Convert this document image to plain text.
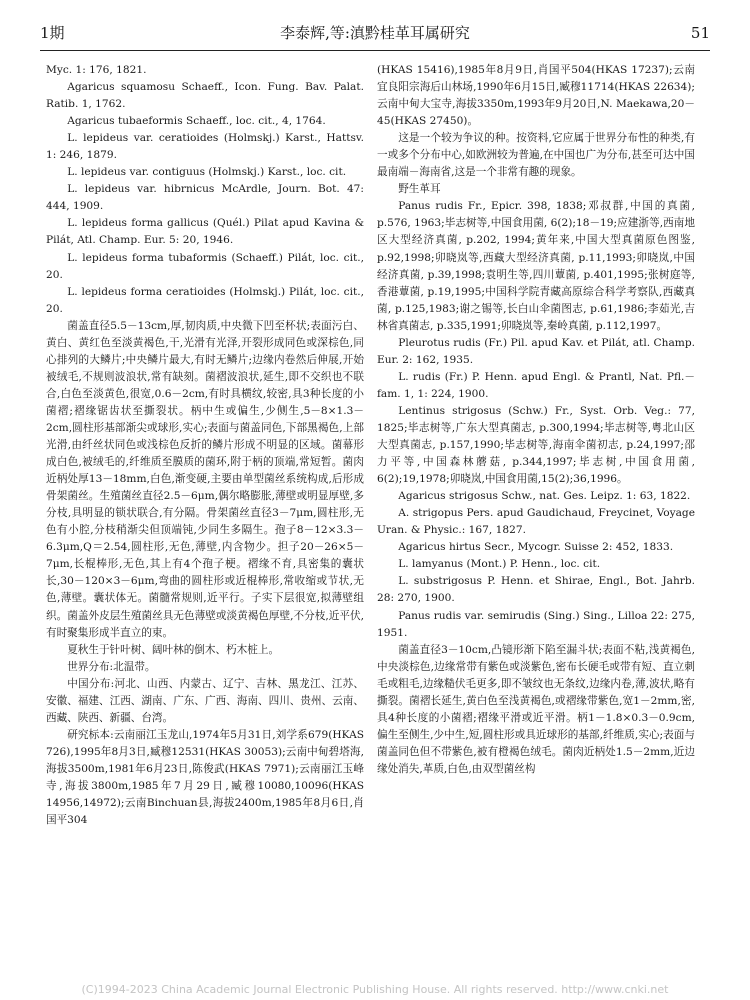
1期	李泰辉,等:滇黔桂革耳属研究	51

Myc. 1: 176, 1821.

Agaricus squamosu Schaeff., Icon. Fung. Bav. Palat. Ratib. 1, 1762.

Agaricus tubaeformis Schaeff., loc. cit., 4, 1764.

L. lepideus var. ceratioides (Holmskj.) Karst., Hattsv. 1: 246, 1879.

L. lepideus var. contiguus (Holmskj.) Karst., loc. cit.

L. lepideus var. hibrnicus McArdle, Journ. Bot. 47: 444, 1909.

L. lepideus forma gallicus (Quél.) Pilat apud Kavina & Pilát, Atl. Champ. Eur. 5: 20, 1946.

L. lepideus forma tubaformis (Schaeff.) Pilát, loc. cit., 20.

L. lepideus forma ceratioides (Holmskj.) Pilát, loc. cit., 20.

菌盖直径5.5－13cm,厚,韧肉质,中央微下凹至杯状;表面污白、黄白、黄红色至淡黄褐色,干,光滑有光泽,开裂形成同色或深棕色,同心排列的大鳞片;中央鳞片最大,有时无鳞片;边缘内卷然后伸展,开始被绒毛,不规则波浪状,常有缺刻。菌褶波浪状,延生,即不交织也不联合,白色至淡黄色,很宽,0.6－2cm,有时具横纹,较密,具3种长度的小菌褶;褶缘锯齿状至撕裂状。柄中生或偏生,少侧生,5－8×1.3－2cm,圆柱形基部渐尖或球形,实心;表面与菌盖同色,下部黑褐色,上部光滑,由纤丝状同色或浅棕色反折的鳞片形成不明显的区域。菌幕形成白色,被绒毛的,纤维质至膜质的菌环,附于柄的顶端,常短暂。菌肉近柄处厚13－18mm,白色,渐变硬,主要由单型菌丝系统构成,后形成骨架菌丝。生殖菌丝直径2.5－6μm,偶尔略膨胀,薄壁或明显厚壁,多分枝,具明显的锁状联合,有分隔。骨架菌丝直径3－7μm,圆柱形,无色有小腔,分枝稍渐尖但顶端钝,少同生多隔生。孢子8－12×3.3－6.3μm,Q＝2.54,圆柱形,无色,薄壁,内含物少。担子20－26×5－7μm,长棍棒形,无色,其上有4个孢子梗。褶缘不育,具密集的囊状长,30－120×3－6μm,弯曲的圆柱形或近棍棒形,常收缩或节状,无色,薄壁。囊状体无。菌髓常规则,近平行。子实下层很宽,拟薄壁组织。菌盖外皮层生殖菌丝具无色薄壁或淡黄褐色厚壁,不分枝,近平伏,有时聚集形成半直立的束。

夏秋生于针叶树、阔叶林的倒木、朽木桩上。

世界分布:北温带。

中国分布:河北、山西、内蒙古、辽宁、吉林、黑龙江、江苏、安徽、福建、江西、湖南、广东、广西、海南、四川、贵州、云南、西藏、陕西、新疆、台湾。

研究标本:云南丽江玉龙山,1974年5月31日,刘学系679(HKAS 726),1995年8月3日,臧穆12531(HKAS 30053);云南中甸碧塔海,海拔3500m,1981年6月23日,陈俊武(HKAS 7971);云南丽江玉峰寺,海拔3800m,1985年7月29日,臧穆10080,10096(HKAS 14956,14972);云南Binchuan县,海拔2400m,1985年8月6日,肖国平304

(HKAS 15416),1985年8月9日,肖国平504(HKAS 17237);云南宜良阳宗海后山林场,1990年6月15日,臧穆11714(HKAS 22634);云南中甸大宝寺,海拔3350m,1993年9月20日,N. Maekawa,20－45(HKAS 27450)。

这是一个较为争议的种。按资料,它应属于世界分布性的种类,有一或多个分布中心,如欧洲较为普遍,在中国也广为分布,甚至可达中国最南端－海南省,这是一个非常有趣的现象。

野生革耳

Panus rudis Fr., Epicr. 398, 1838;邓叔群,中国的真菌, p.576, 1963;毕志树等,中国食用菌, 6(2);18－19;应建浙等,西南地区大型经济真菌, p.202, 1994;黄年来,中国大型真菌原色图鉴, p.92,1998;卯晓岚等,西藏大型经济真菌, p.11,1993;卯晓岚,中国经济真菌, p.39,1998;袁明生等,四川蕈菌, p.401,1995;张树庭等,香港蕈菌, p.19,1995;中国科学院青藏高原综合科学考察队,西藏真菌, p.125,1983;谢之锡等,长白山伞菌图志, p.61,1986;李茹光,吉林省真菌志, p.335,1991;卯晓岚等,秦岭真菌, p.112,1997。

Pleurotus rudis (Fr.) Pil. apud Kav. et Pilát, atl. Champ. Eur. 2: 162, 1935.

L. rudis (Fr.) P. Henn. apud Engl. & Prantl, Nat. Pfl.－fam. 1, 1: 224, 1900.

Lentinus strigosus (Schw.) Fr., Syst. Orb. Veg.: 77, 1825;毕志树等,广东大型真菌志, p.300,1994;毕志树等,粤北山区大型真菌志, p.157,1990;毕志树等,海南伞菌初志, p.24,1997;邵力平等,中国森林蘑菇, p.344,1997;毕志树,中国食用菌, 6(2);19,1978;卯晓岚,中国食用菌,15(2);36,1996。

Agaricus strigosus Schw., nat. Ges. Leipz. 1: 63, 1822.

A. strigopus Pers. apud Gaudichaud, Freycinet, Voyage Uran. & Physic.: 167, 1827.

Agaricus hirtus Secr., Mycogr. Suisse 2: 452, 1833.

L. lamyanus (Mont.) P. Henn., loc. cit.

L. substrigosus P. Henn. et Shirae, Engl., Bot. Jahrb. 28: 270, 1900.

Panus rudis var. semirudis (Sing.) Sing., Lilloa 22: 275, 1951.

菌盖直径3－10cm,凸镜形渐下陷至漏斗状;表面不粘,浅黄褐色,中央淡棕色,边缘常带有紫色或淡紫色,密布长硬毛或带有短、直立刺毛或粗毛,边缘糙伏毛更多,即不皱纹也无条纹,边缘内卷,薄,波状,略有撕裂。菌褶长延生,黄白色至浅黄褐色,或褶缘带紫色,宽1－2mm,密,具4种长度的小菌褶;褶缘平滑或近平滑。柄1－1.8×0.3－0.9cm,偏生至侧生,少中生,短,圆柱形或具近球形的基部,纤维质,实心;表面与菌盖同色但不带紫色,被有橙褐色绒毛。菌肉近柄处1.5－2mm,近边缘处消失,革质,白色,由双型菌丝构

(C)1994-2023 China Academic Journal Electronic Publishing House. All rights reserved. http://www.cnki.net
